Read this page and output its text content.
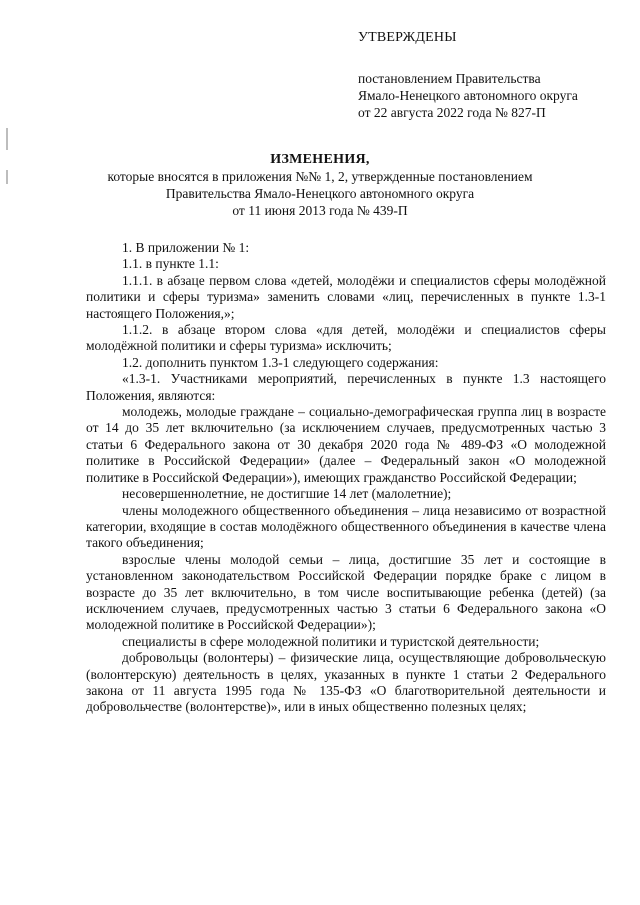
УТВЕРЖДЕНЫ
постановлением Правительства
Ямало-Ненецкого автономного округа
от 22 августа 2022 года № 827-П
ИЗМЕНЕНИЯ,
которые вносятся в приложения №№ 1, 2, утвержденные постановлением
Правительства Ямало-Ненецкого автономного округа
от 11 июня 2013 года № 439-П

1. В приложении № 1:

1.1. в пункте 1.1:

1.1.1. в абзаце первом слова «детей, молодёжи и специалистов сферы молодёжной политики и сферы туризма» заменить словами «лиц, перечисленных в пункте 1.3-1 настоящего Положения,»;

1.1.2. в абзаце втором слова «для детей, молодёжи и специалистов сферы молодёжной политики и сферы туризма» исключить;

1.2. дополнить пунктом 1.3-1 следующего содержания:

«1.3-1. Участниками мероприятий, перечисленных в пункте 1.3 настоящего Положения, являются:

молодежь, молодые граждане – социально-демографическая группа лиц в возрасте от 14 до 35 лет включительно (за исключением случаев, предусмотренных частью 3 статьи 6 Федерального закона от 30 декабря 2020 года № 489-ФЗ «О молодежной политике в Российской Федерации» (далее – Федеральный закон «О молодежной политике в Российской Федерации»), имеющих гражданство Российской Федерации;

несовершеннолетние, не достигшие 14 лет (малолетние);

члены молодежного общественного объединения – лица независимо от возрастной категории, входящие в состав молодёжного общественного объединения в качестве члена такого объединения;

взрослые члены молодой семьи – лица, достигшие 35 лет и состоящие в установленном законодательством Российской Федерации порядке браке с лицом в возрасте до 35 лет включительно, в том числе воспитывающие ребенка (детей) (за исключением случаев, предусмотренных частью 3 статьи 6 Федерального закона «О молодежной политике в Российской Федерации»);

специалисты в сфере молодежной политики и туристской деятельности;

добровольцы (волонтеры) – физические лица, осуществляющие добровольческую (волонтерскую) деятельность в целях, указанных в пункте 1 статьи 2 Федерального закона от 11 августа 1995 года № 135-ФЗ «О благотворительной деятельности и добровольчестве (волонтерстве)», или в иных общественно полезных целях;
